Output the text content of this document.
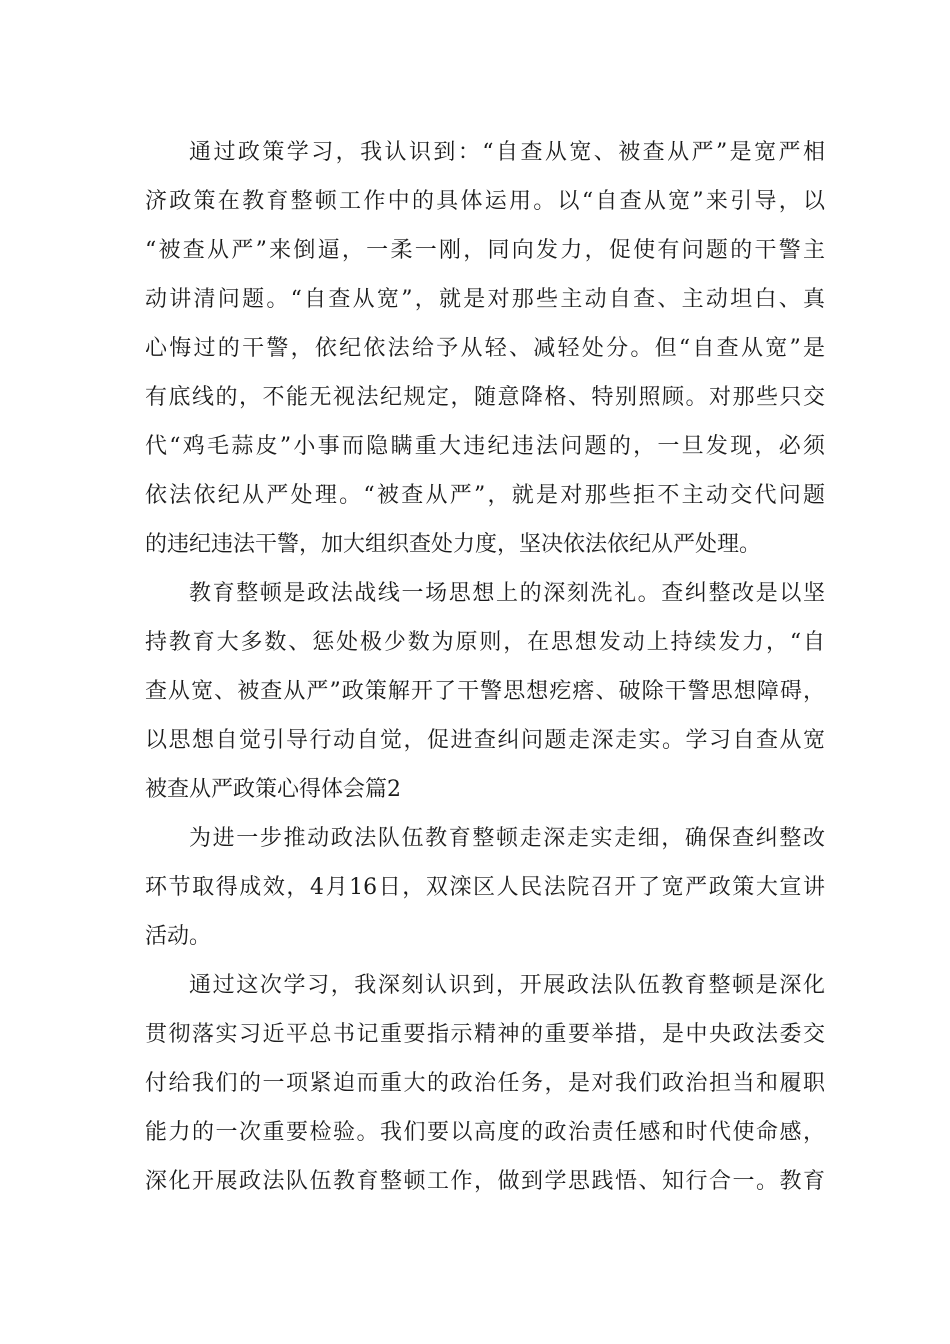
通过政策学习，我认识到：“自查从宽、被查从严”是宽严相
济政策在教育整顿工作中的具体运用。以“自查从宽”来引导，以
“被查从严”来倒逼，一柔一刚，同向发力，促使有问题的干警主
动讲清问题。“自查从宽”，就是对那些主动自查、主动坦白、真
心悔过的干警，依纪依法给予从轻、减轻处分。但“自查从宽”是
有底线的，不能无视法纪规定，随意降格、特别照顾。对那些只交
代“鸡毛蒜皮”小事而隐瞒重大违纪违法问题的，一旦发现，必须
依法依纪从严处理。“被查从严”，就是对那些拒不主动交代问题
的违纪违法干警，加大组织查处力度，坚决依法依纪从严处理。
教育整顿是政法战线一场思想上的深刻洗礼。查纠整改是以坚
持教育大多数、惩处极少数为原则，在思想发动上持续发力，“自
查从宽、被查从严”政策解开了干警思想疙瘩、破除干警思想障碍，
以思想自觉引导行动自觉，促进查纠问题走深走实。学习自查从宽
被查从严政策心得体会篇2
为进一步推动政法队伍教育整顿走深走实走细，确保查纠整改
环节取得成效，4月16日，双滦区人民法院召开了宽严政策大宣讲
活动。
通过这次学习，我深刻认识到，开展政法队伍教育整顿是深化
贯彻落实习近平总书记重要指示精神的重要举措，是中央政法委交
付给我们的一项紧迫而重大的政治任务，是对我们政治担当和履职
能力的一次重要检验。我们要以高度的政治责任感和时代使命感，
深化开展政法队伍教育整顿工作，做到学思践悟、知行合一。教育
